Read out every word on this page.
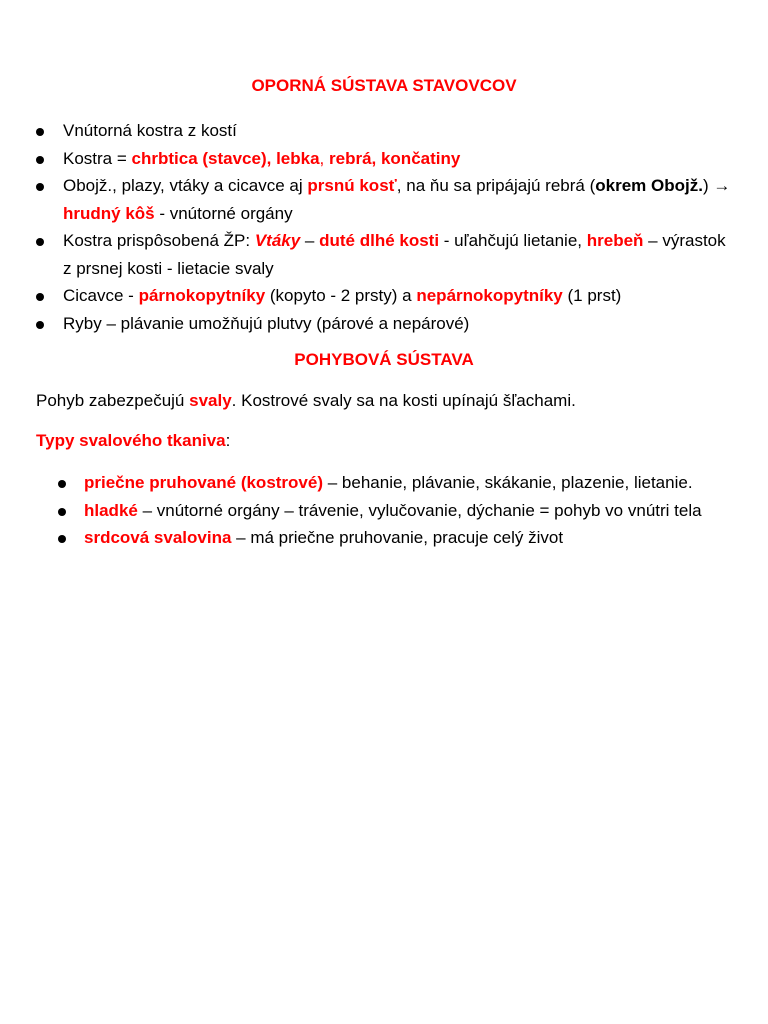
OPORNÁ SÚSTAVA STAVOVCOV
Vnútorná kostra z kostí
Kostra = chrbtica (stavce), lebka, rebrá, končatiny
Obojž., plazy, vtáky a cicavce aj prsnú kosť, na ňu sa pripájajú rebrá (okrem Obojž.) → hrudný kôš - vnútorné orgány
Kostra prispôsobená ŽP: Vtáky – duté dlhé kosti - uľahčujú lietanie, hrebeň – výrastok z prsnej kosti - lietacie svaly
Cicavce - párnokopytníky (kopyto - 2 prsty) a nepárnokopytníky (1 prst)
Ryby – plávanie umožňujú plutvy (párové a nepárové)
POHYBOVÁ SÚSTAVA

Pohyb zabezpečujú svaly. Kostrové svaly sa na kosti upínajú šľachami.

Typy svalového tkaniva:

priečne pruhované (kostrové) – behanie, plávanie, skákanie, plazenie, lietanie.
hladké – vnútorné orgány – trávenie, vylučovanie, dýchanie = pohyb vo vnútri tela
srdcová svalovina – má priečne pruhovanie, pracuje celý život
